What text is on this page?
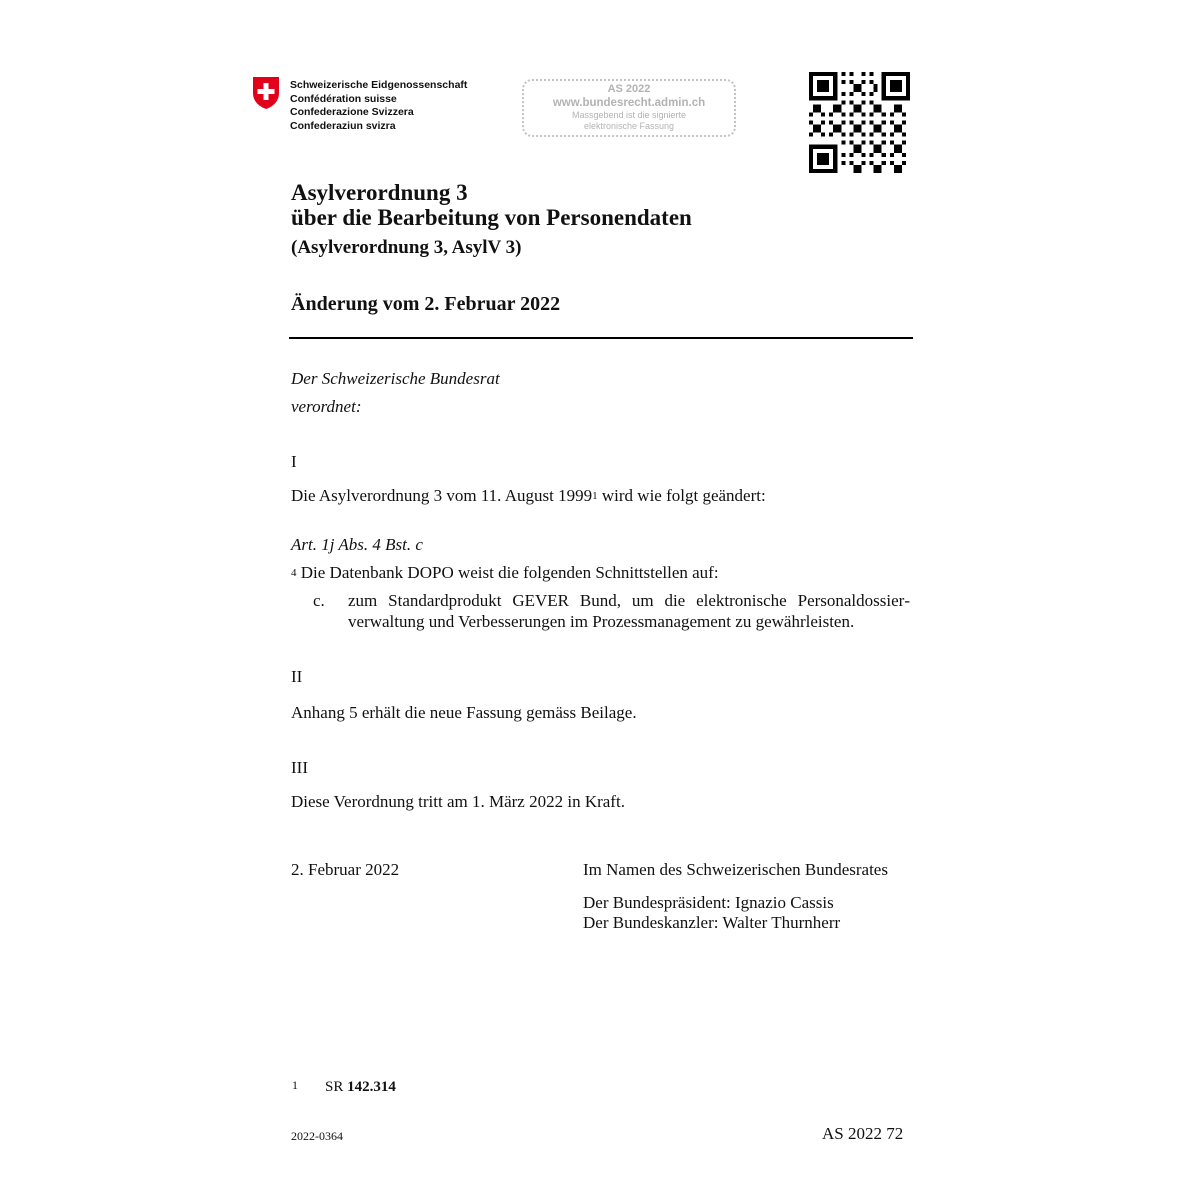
Schweizerische Eidgenossenschaft
Confédération suisse
Confederazione Svizzera
Confederaziun svizra
AS 2022
www.bundesrecht.admin.ch
Massgebend ist die signierte
elektronische Fassung
Asylverordnung 3
über die Bearbeitung von Personendaten
(Asylverordnung 3, AsylV 3)
Änderung vom 2. Februar 2022
Der Schweizerische Bundesrat
verordnet:
I
Die Asylverordnung 3 vom 11. August 1999$^1$ wird wie folgt geändert:
Art. 1j Abs. 4 Bst. c
$^4$ Die Datenbank DOPO weist die folgenden Schnittstellen auf:
c. zum Standardprodukt GEVER Bund, um die elektronische Personaldossierverwaltung und Verbesserungen im Prozessmanagement zu gewährleisten.
II
Anhang 5 erhält die neue Fassung gemäss Beilage.
III
Diese Verordnung tritt am 1. März 2022 in Kraft.
2. Februar 2022	Im Namen des Schweizerischen Bundesrates
Der Bundespräsident: Ignazio Cassis
Der Bundeskanzler: Walter Thurnherr
1 SR 142.314
2022-0364	AS 2022 72
